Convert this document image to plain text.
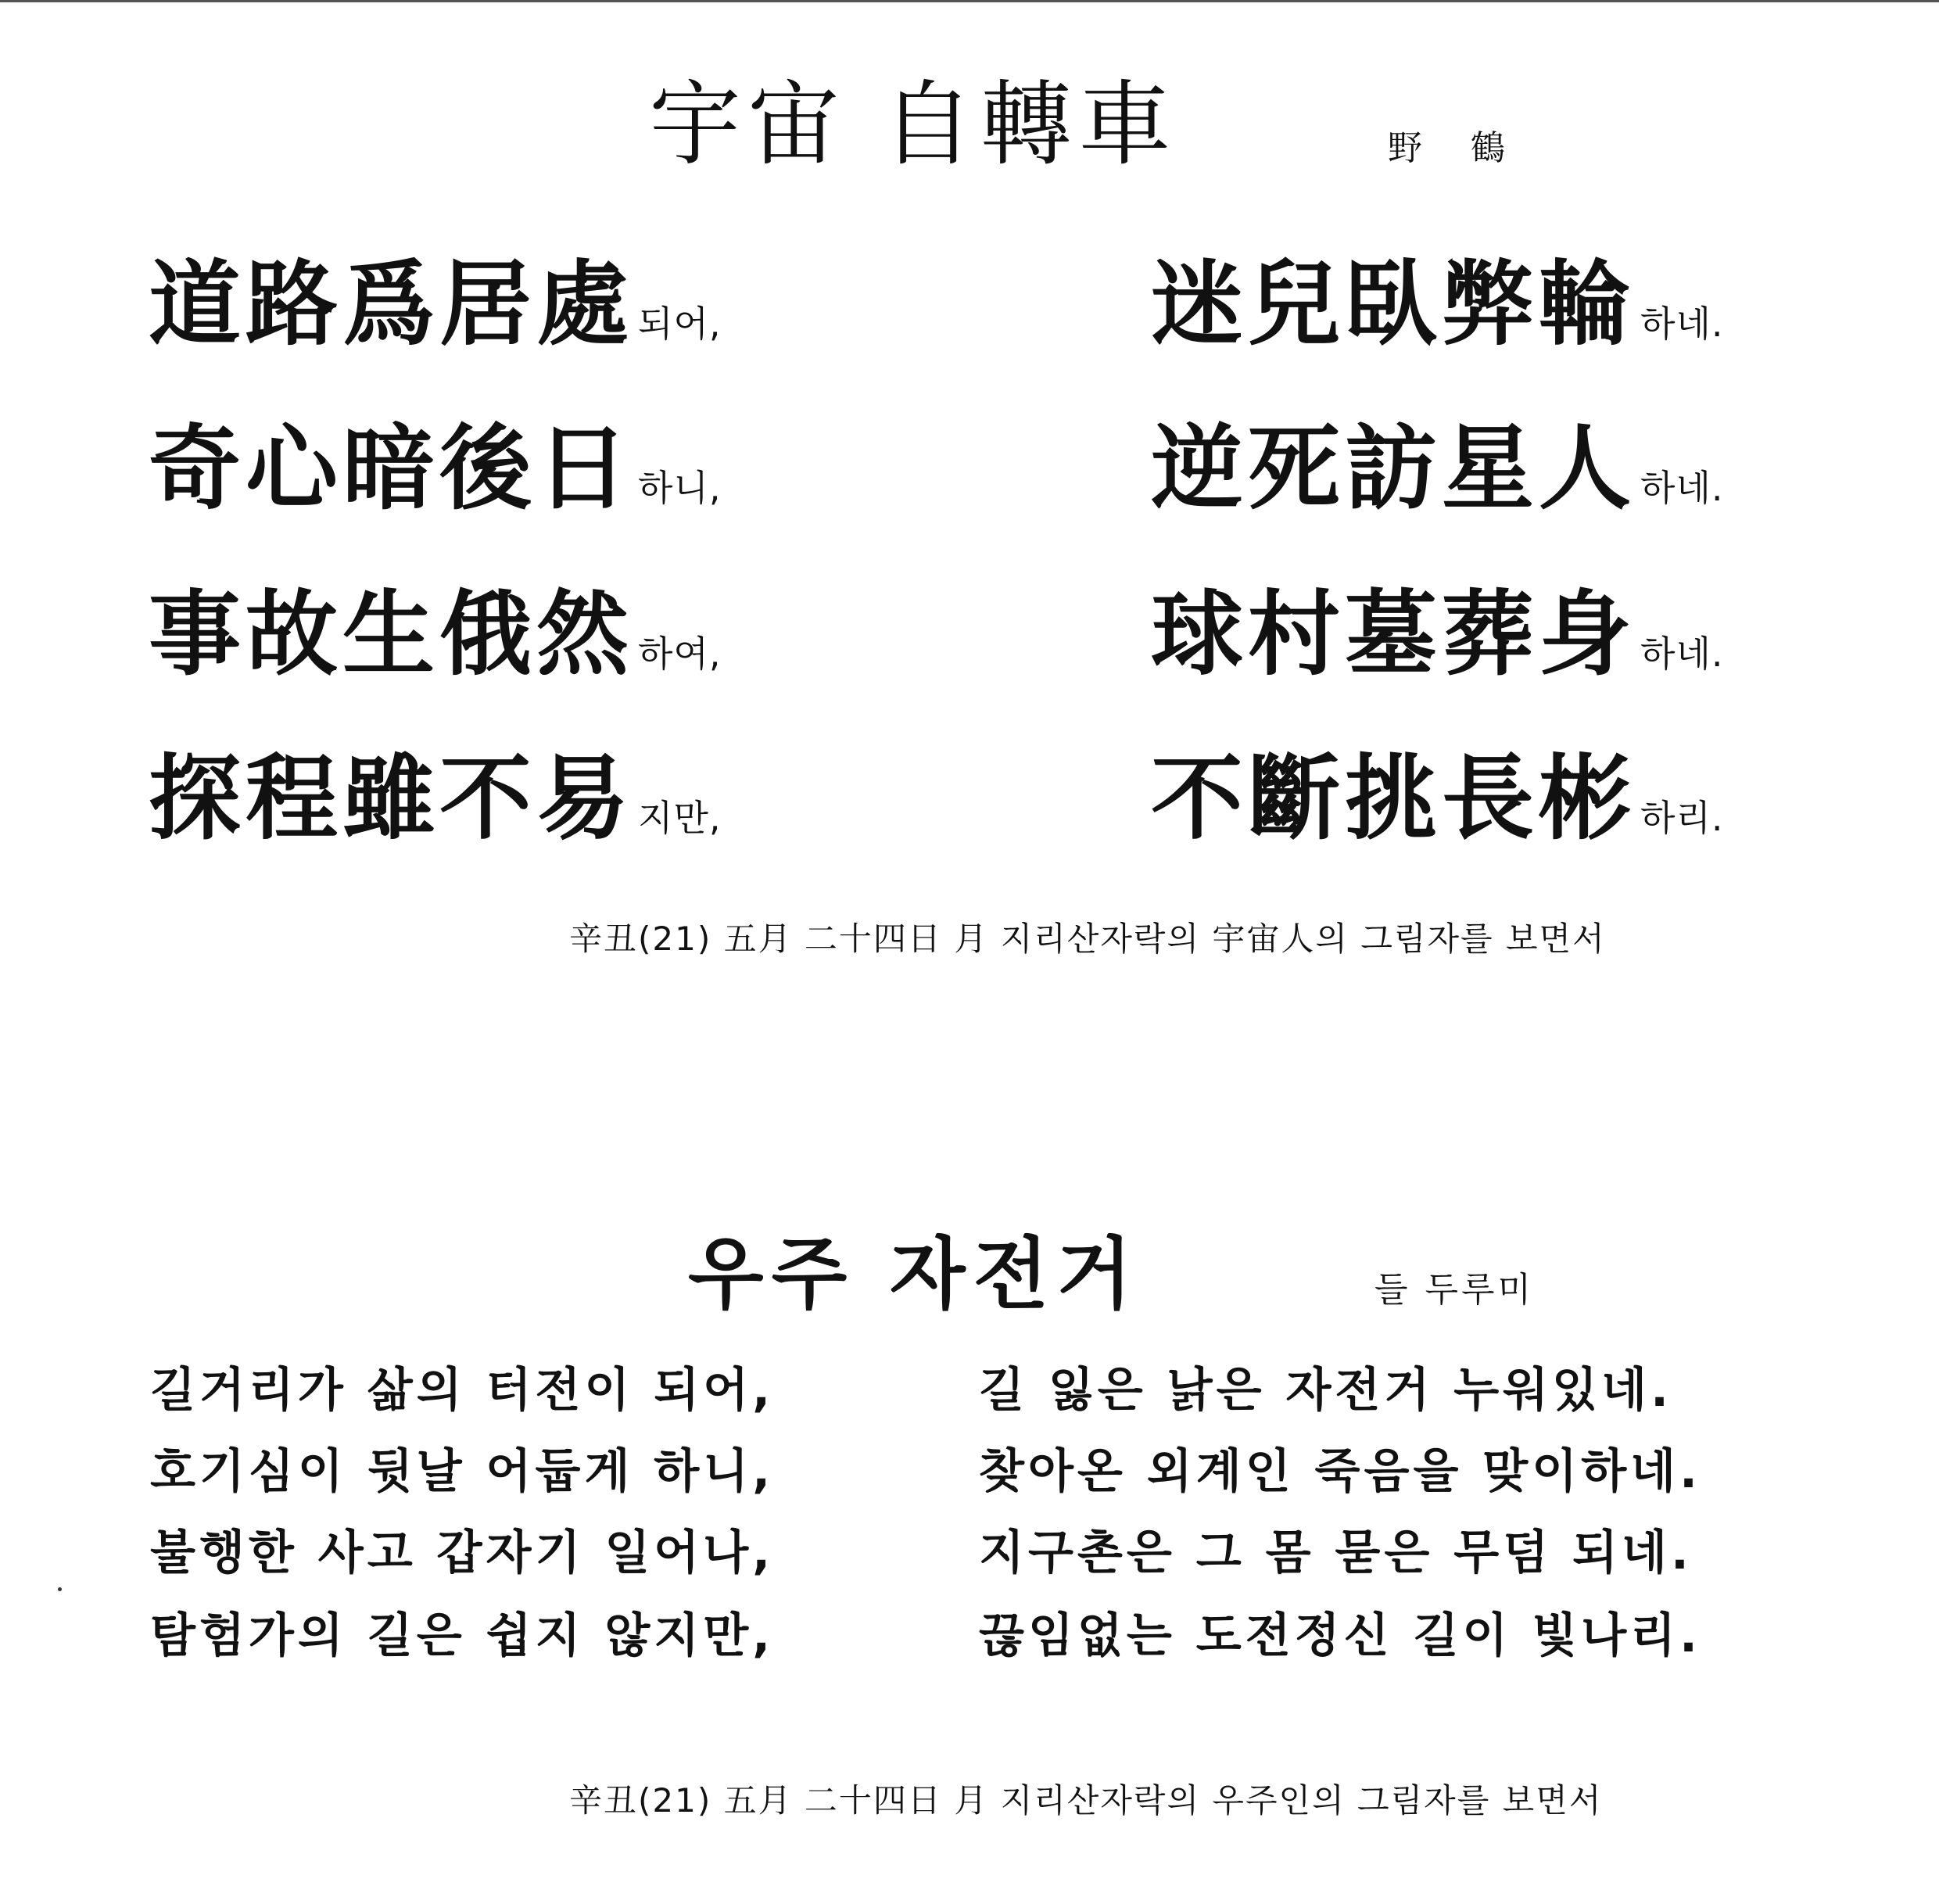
宇宙 自轉車	野 鶴
道路爲居處 되어,
奇心暗後日 하니,
事故生俄然 하여,
探程雖不易 지만,
迷兒臥弊輪 하네.
逆死訪星人 하네.
球村墓葬身 하네.
不斷挑長彬 하리.
辛丑(21) 五月 二十四日 月 지리산자락의 宇宙人의 그림자를 보면서
우주 자전거	들 두루미
길거리가 삶의 터전이 되어,
호기심이 뒷날 어둡게 하니,
불행한 사고 갑자기 일어나,
탐험가의 길은 쉽지 않지만,
길 잃은 낡은 자전거 누워있네.
찾아온 외계인 죽음을 맞이하네.
지구촌은 그 몸 묻은 무덤 되네.
끊임없는 도전정신 길이 빛나리.
辛丑(21) 五月 二十四日 月 지리산자락의 우주인의 그림자를 보면서
